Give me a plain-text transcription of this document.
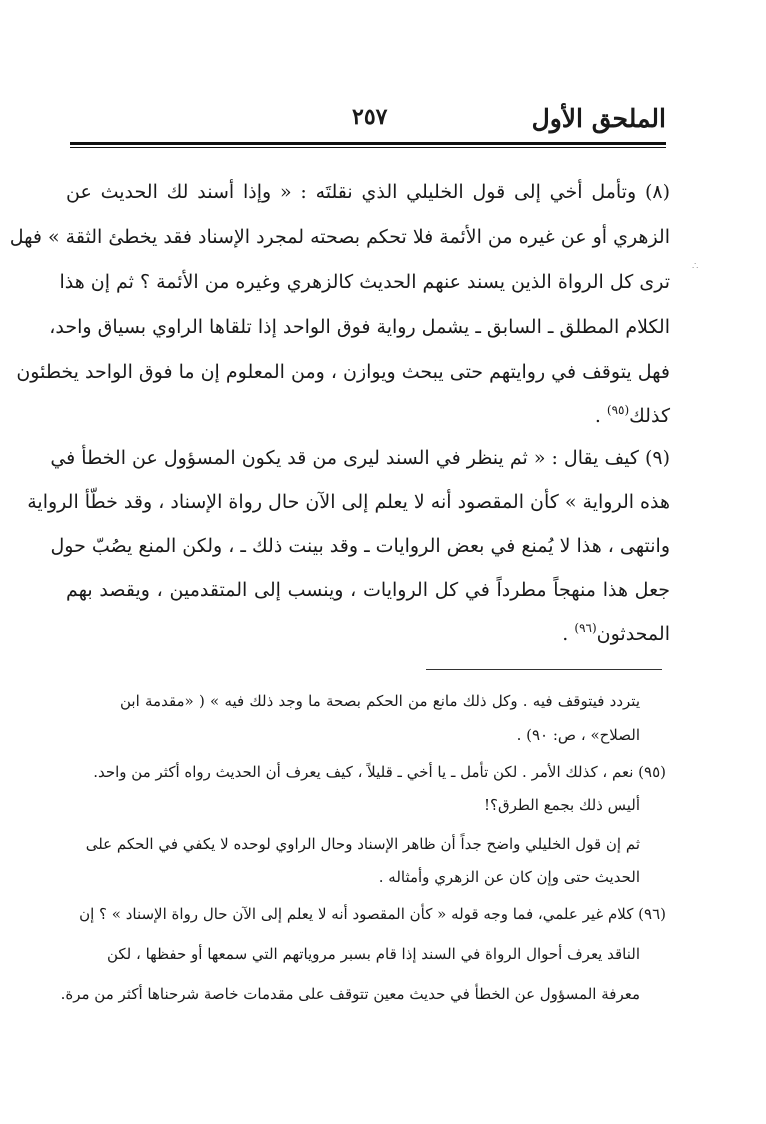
الملحق الأول
٢٥٧
(٨) وتأمل أخي إلى قول الخليلي الذي نقلتَه : « وإذا أسند لك الحديث عن
الزهري أو عن غيره من الأئمة فلا تحكم بصحته لمجرد الإسناد فقد يخطئ الثقة » فهل
ترى كل الرواة الذين يسند عنهم الحديث كالزهري وغيره من الأئمة ؟ ثم إن هذا
الكلام المطلق ـ السابق ـ يشمل رواية فوق الواحد إذا تلقاها الراوي بسياق واحد،
فهل يتوقف في روايتهم حتى يبحث ويوازن ، ومن المعلوم إن ما فوق الواحد يخطئون
كذلك$^{(٩٥)}$ .
(٩) كيف يقال : « ثم ينظر في السند ليرى من قد يكون المسؤول عن الخطأ في
هذه الرواية » كأن المقصود أنه لا يعلم إلى الآن حال رواة الإسناد ، وقد خطّأ الرواية
وانتهى ، هذا لا يُمنع في بعض الروايات ـ وقد بينت ذلك ـ ، ولكن المنع يصُبّ حول
جعل هذا منهجاً مطرداً في كل الروايات ، وينسب إلى المتقدمين ، ويقصد بهم
المحدثون$^{(٩٦)}$ .
يتردد فيتوقف فيه . وكل ذلك مانع من الحكم بصحة ما وجد ذلك فيه » ( «مقدمة ابن
الصلاح» ، ص: ٩٠) .
(٩٥) نعم ، كذلك الأمر . لكن تأمل ـ يا أخي ـ قليلاً ، كيف يعرف أن الحديث رواه أكثر من واحد.
أليس ذلك بجمع الطرق؟!
ثم إن قول الخليلي واضح جداً أن ظاهر الإسناد وحال الراوي لوحده لا يكفي في الحكم على
الحديث حتى وإن كان عن الزهري وأمثاله .
(٩٦) كلام غير علمي، فما وجه قوله « كأن المقصود أنه لا يعلم إلى الآن حال رواة الإسناد » ؟ إن
الناقد يعرف أحوال الرواة في السند إذا قام بسبر مروياتهم التي سمعها أو حفظها ، لكن
معرفة المسؤول عن الخطأ في حديث معين تتوقف على مقدمات خاصة شرحناها أكثر من مرة.
∴
